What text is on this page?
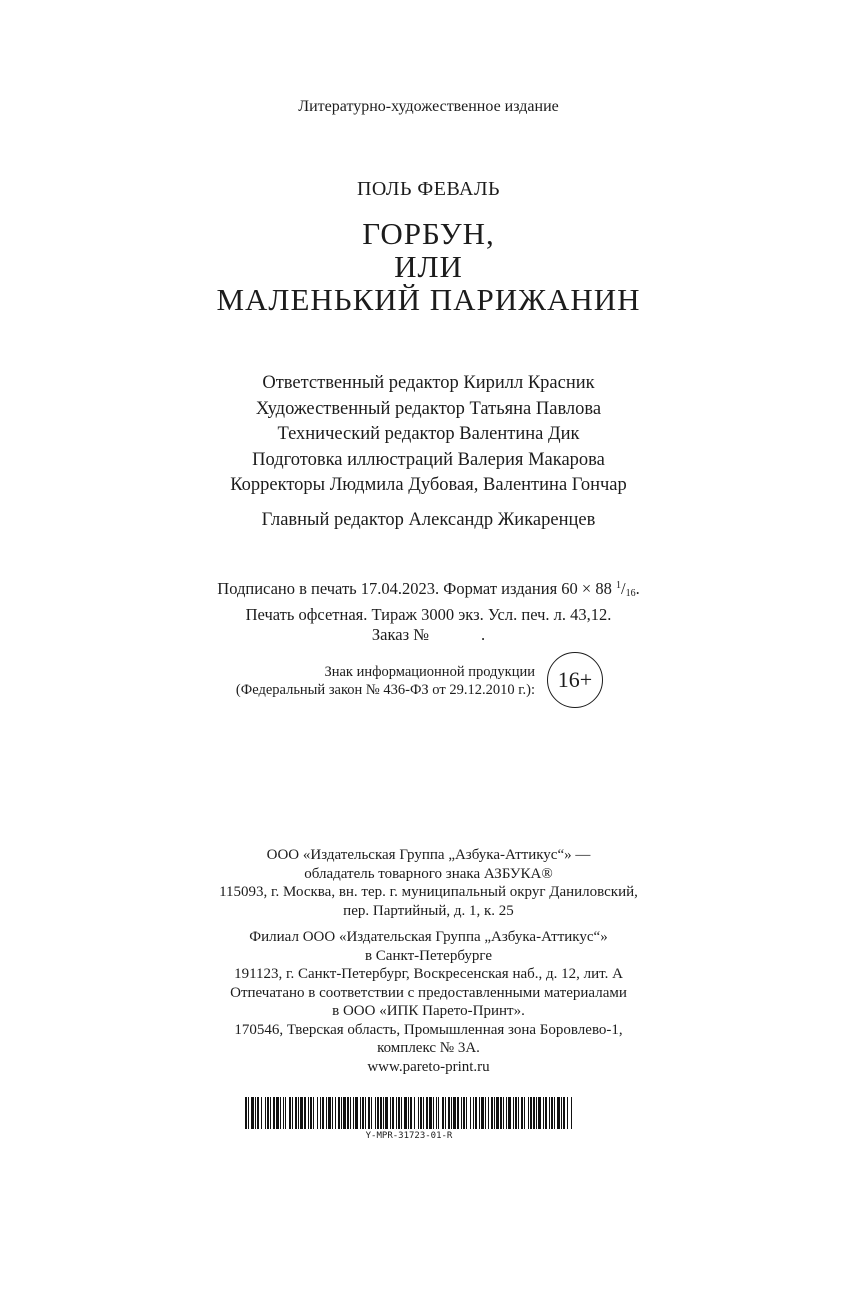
Литературно-художественное издание
ПОЛЬ ФЕВАЛЬ
ГОРБУН,
ИЛИ
МАЛЕНЬКИЙ ПАРИЖАНИН
Ответственный редактор Кирилл Красник
Художественный редактор Татьяна Павлова
Технический редактор Валентина Дик
Подготовка иллюстраций Валерия Макарова
Корректоры Людмила Дубовая, Валентина Гончар
Главный редактор Александр Жикаренцев
Подписано в печать 17.04.2023. Формат издания 60 × 88 $^1/_{16}$.
Печать офсетная. Тираж 3000 экз. Усл. печ. л. 43,12.
Заказ №	.
Знак информационной продукции
(Федеральный закон № 436-ФЗ от 29.12.2010 г.): 16+
ООО «Издательская Группа „Азбука-Аттикус“» —
обладатель товарного знака АЗБУКА®
115093, г. Москва, вн. тер. г. муниципальный округ Даниловский,
пер. Партийный, д. 1, к. 25
Филиал ООО «Издательская Группа „Азбука-Аттикус“»
в Санкт-Петербурге
191123, г. Санкт-Петербург, Воскресенская наб., д. 12, лит. А
Отпечатано в соответствии с предоставленными материалами
в ООО «ИПК Парето-Принт».
170546, Тверская область, Промышленная зона Боровлево-1,
комплекс № 3А.
www.pareto-print.ru
Y-MPR-31723-01-R
